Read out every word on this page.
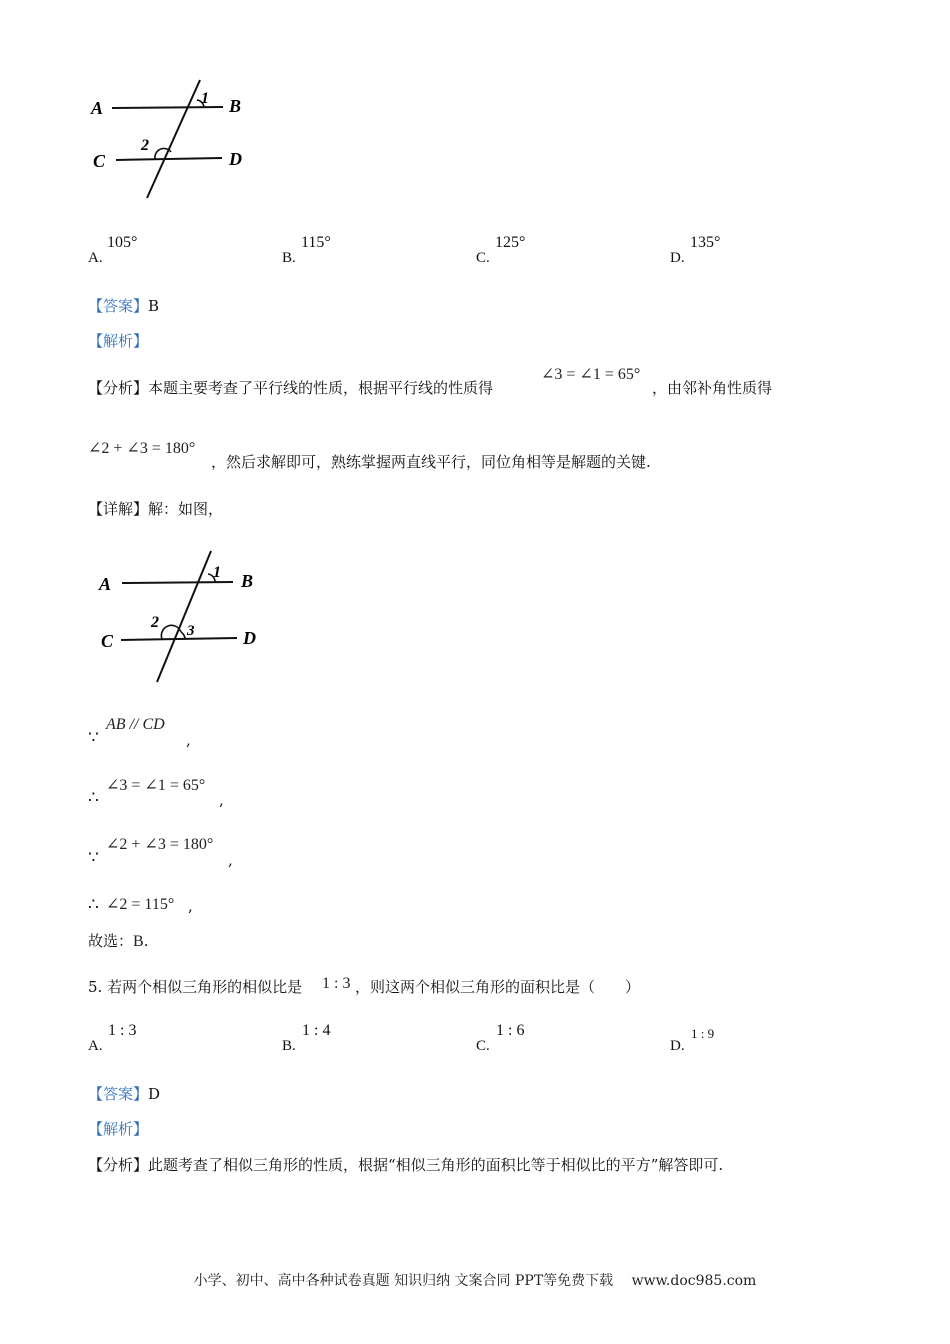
A	B
C	D
1
2
A.
105°
B.
115°
C.
125°
D.
135°
【答案】B
【解析】
【分析】本题主要考查了平行线的性质，根据平行线的性质得
∠3 = ∠1 = 65°
，由邻补角性质得
∠2 + ∠3 = 180°
，然后求解即可，熟练掌握两直线平行，同位角相等是解题的关键.
【详解】解：如图，
A	B
C	D
1
2 3
∵
AB // CD
,
∴
∠3 = ∠1 = 65°
,
∵
∠2 + ∠3 = 180°
,
∴ ∠2 = 115° ,
故选：B.
5. 若两个相似三角形的相似比是 1 : 3 ，则这两个相似三角形的面积比是（　　）
A.
1 : 3
B.
1 : 4
C.
1 : 6
D.
1 : 9
【答案】D
【解析】
【分析】此题考查了相似三角形的性质，根据“相似三角形的面积比等于相似比的平方”解答即可.
小学、初中、高中各种试卷真题 知识归纳 文案合同 PPT等免费下载　 www.doc985.com
